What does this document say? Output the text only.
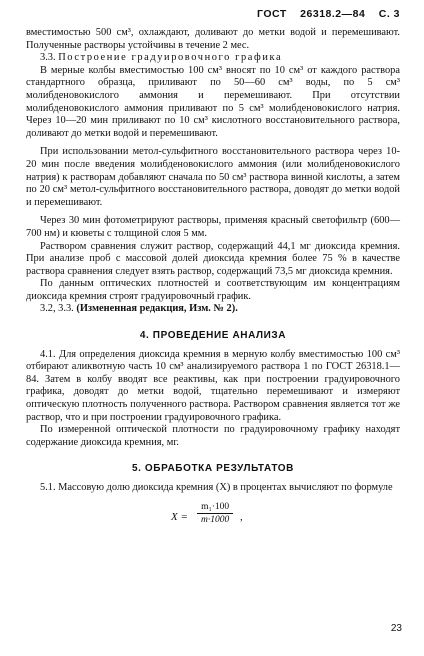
ГОСТ 26318.2—84 С. 3

вместимостью 500 см³, охлаждают, доливают до метки водой и перемешивают. Полученные растворы устойчивы в течение 2 мес.

3.3. Построение градуировочного графика

В мерные колбы вместимостью 100 см³ вносят по 10 см³ от каждого раствора стандартного образца, приливают по 50—60 см³ воды, по 5 см³ молибденовокислого аммония и перемешивают. При отсутствии молибденовокислого аммония приливают по 5 см³ молибденовокислого натрия. Через 10—20 мин приливают по 10 см³ кислотного восстановительного раствора, доливают до метки водой и перемешивают.

При использовании метол-сульфитного восстановительного раствора через 10-20 мин после введения молибденовокислого аммония (или молибденовокислого натрия) к растворам добавляют сначала по 50 см³ раствора винной кислоты, а затем по 20 см³ метол-сульфитного восстановительного раствора, доводят до метки водой и перемешивают.

Через 30 мин фотометрируют растворы, применяя красный светофильтр (600—700 нм) и кюветы с толщиной слоя 5 мм.

Раствором сравнения служит раствор, содержащий 44,1 мг диоксида кремния. При анализе проб с массовой долей диоксида кремния более 75 % в качестве раствора сравнения следует взять раствор, содержащий 73,5 мг диоксида кремния.

По данным оптических плотностей и соответствующим им концентрациям диоксида кремния строят градуировочный график.

3.2, 3.3. (Измененная редакция, Изм. № 2).

4. ПРОВЕДЕНИЕ АНАЛИЗА

4.1. Для определения диоксида кремния в мерную колбу вместимостью 100 см³ отбирают аликвотную часть 10 см³ анализируемого раствора 1 по ГОСТ 26318.1—84. Затем в колбу вводят все реактивы, как при построении градуировочного графика, доводят до метки водой, тщательно перемешивают и измеряют оптическую плотность полученного раствора. Раствором сравнения является тот же раствор, что и при построении градуировочного графика.

По измеренной оптической плотности по градуировочному графику находят содержание диоксида кремния, мг.

5. ОБРАБОТКА РЕЗУЛЬТАТОВ

5.1. Массовую долю диоксида кремния (X) в процентах вычисляют по формуле

$X = \frac{\text{m₁·100}}{m\cdot 1000}$ ,
23
